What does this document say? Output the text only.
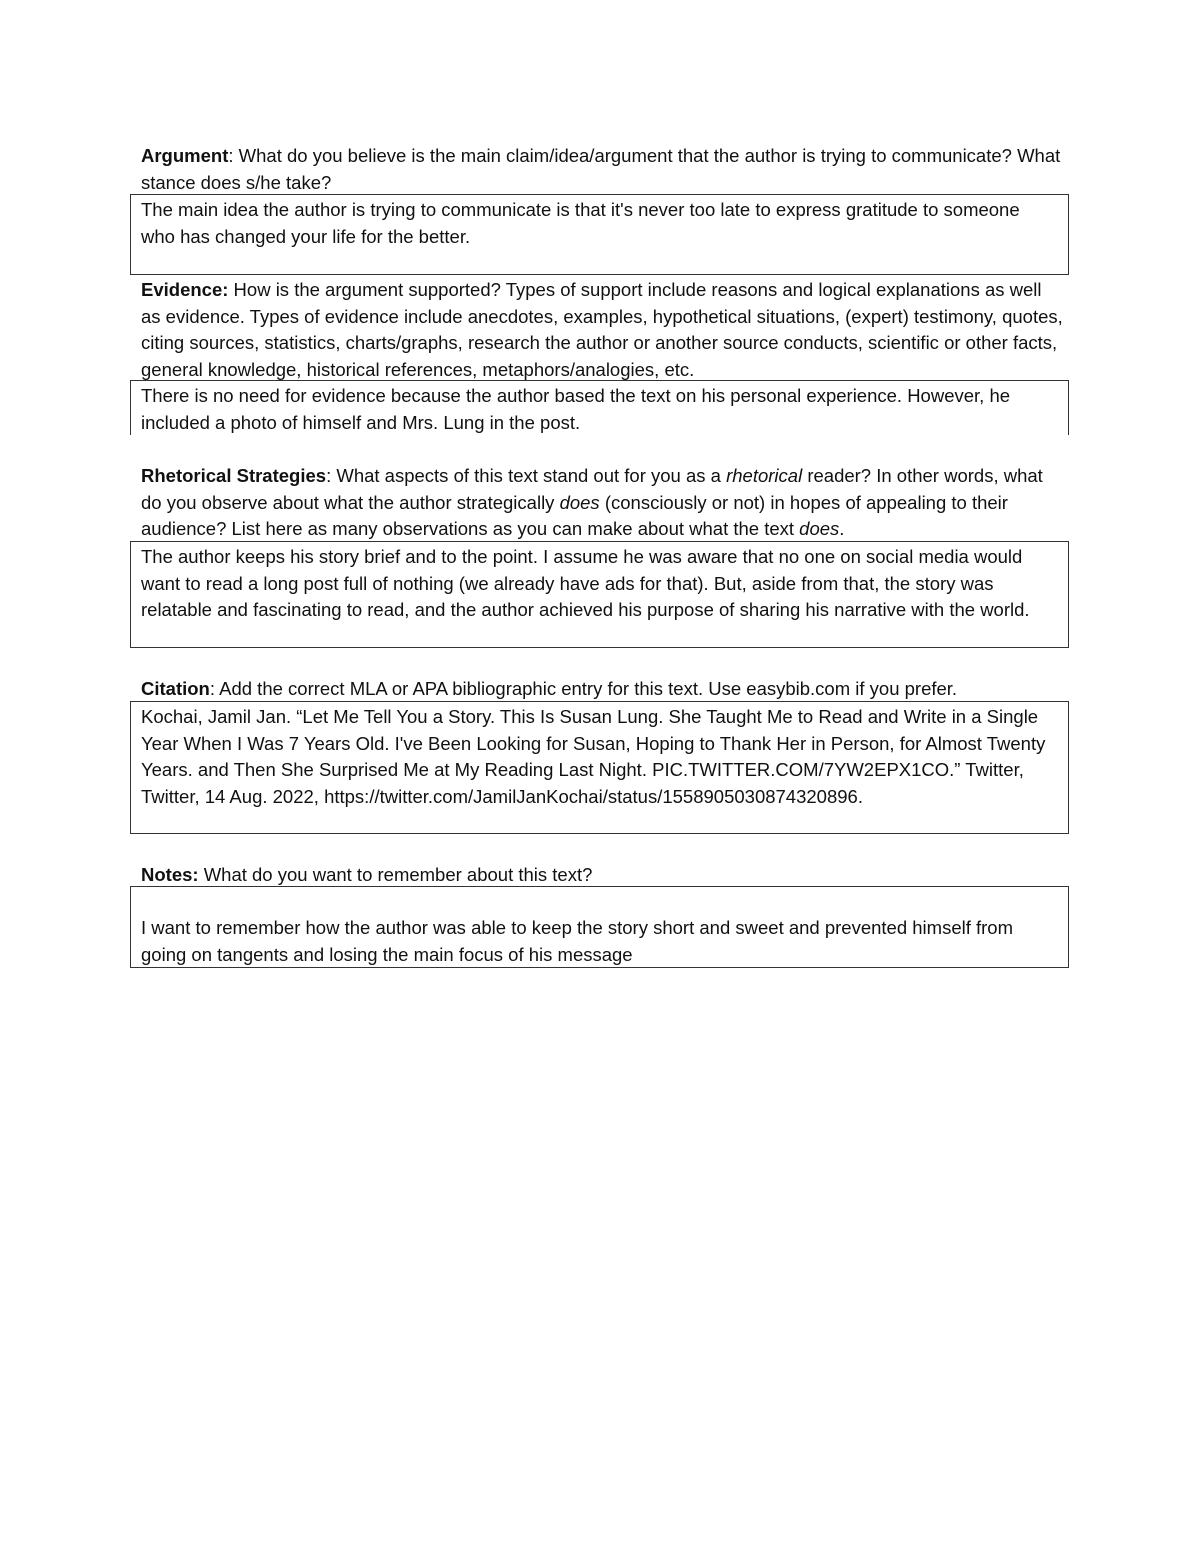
Argument: What do you believe is the main claim/idea/argument that the author is trying to communicate? What stance does s/he take?

The main idea the author is trying to communicate is that it's never too late to express gratitude to someone who has changed your life for the better.

Evidence: How is the argument supported? Types of support include reasons and logical explanations as well as evidence. Types of evidence include anecdotes, examples, hypothetical situations, (expert) testimony, quotes, citing sources, statistics, charts/graphs, research the author or another source conducts, scientific or other facts, general knowledge, historical references, metaphors/analogies, etc.

There is no need for evidence because the author based the text on his personal experience. However, he included a photo of himself and Mrs. Lung in the post.

Rhetorical Strategies: What aspects of this text stand out for you as a rhetorical reader? In other words, what do you observe about what the author strategically does (consciously or not) in hopes of appealing to their audience? List here as many observations as you can make about what the text does.

The author keeps his story brief and to the point. I assume he was aware that no one on social media would want to read a long post full of nothing (we already have ads for that). But, aside from that, the story was relatable and fascinating to read, and the author achieved his purpose of sharing his narrative with the world.

Citation: Add the correct MLA or APA bibliographic entry for this text. Use easybib.com if you prefer.

Kochai, Jamil Jan. “Let Me Tell You a Story. This Is Susan Lung. She Taught Me to Read and Write in a Single Year When I Was 7 Years Old. I've Been Looking for Susan, Hoping to Thank Her in Person, for Almost Twenty Years. and Then She Surprised Me at My Reading Last Night. PIC.TWITTER.COM/7YW2EPX1CO.” Twitter, Twitter, 14 Aug. 2022, https://twitter.com/JamilJanKochai/status/1558905030874320896.

Notes: What do you want to remember about this text?

I want to remember how the author was able to keep the story short and sweet and prevented himself from going on tangents and losing the main focus of his message
